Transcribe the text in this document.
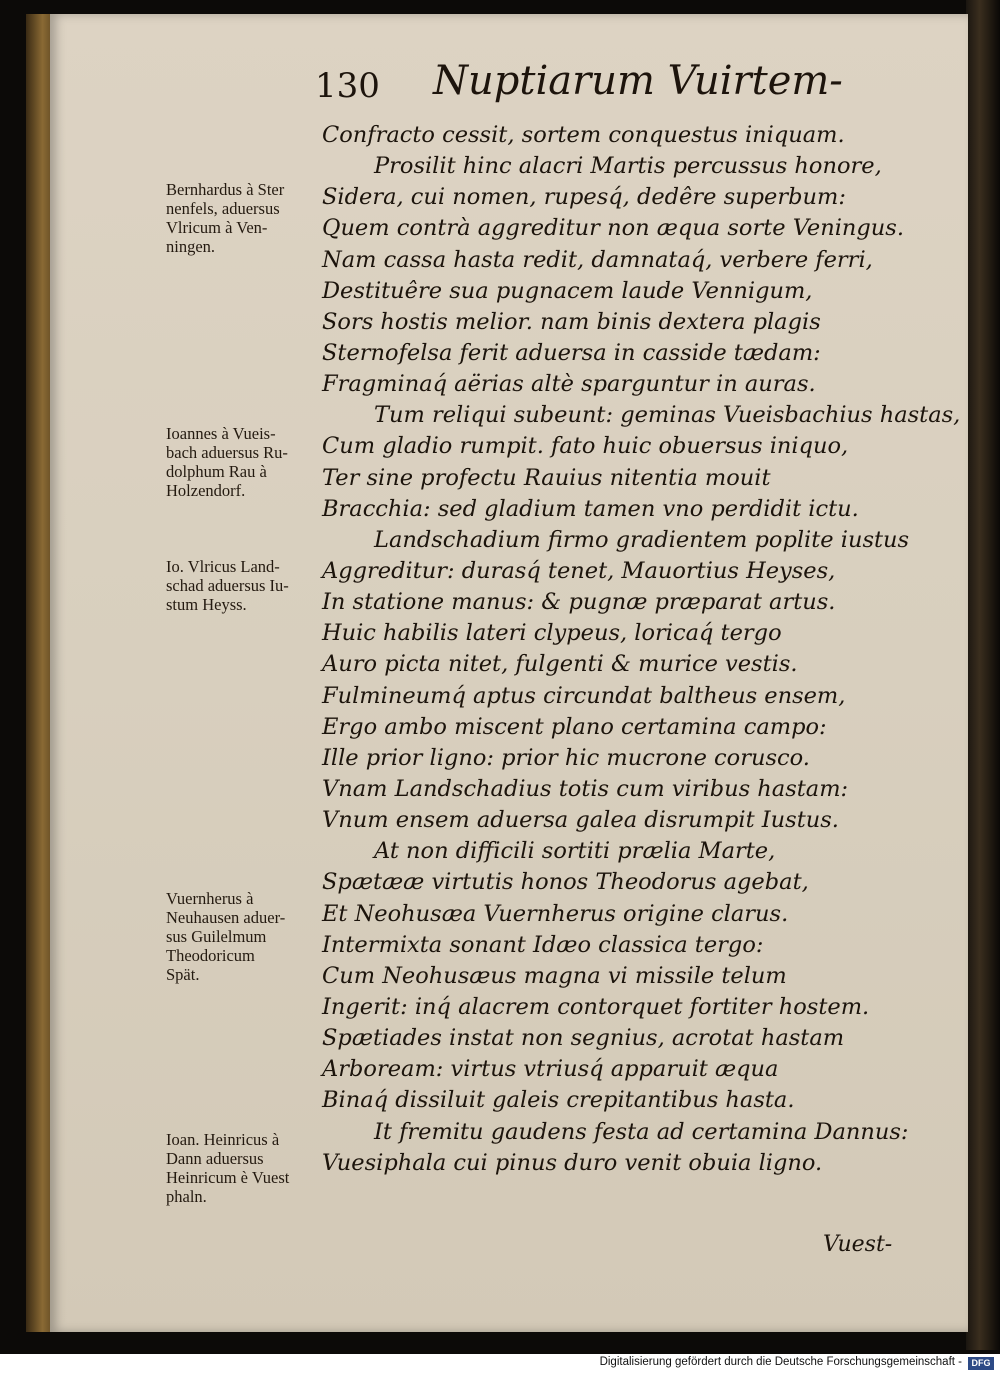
130 Nuptiarum Vuirtem-
Confracto cessit, sortem conquestus iniquam.
Prosilit hinc alacri Martis percussus honore,
Sidera, cui nomen, rupesq́, dedêre superbum:
Quem contrà aggreditur non æqua sorte Veningus.
Nam cassa hasta redit, damnataq́, verbere ferri,
Destituêre sua pugnacem laude Vennigum,
Sors hostis melior. nam binis dextera plagis
Sternofelsa ferit aduersa in casside tædam:
Fragminaq́ aërias altè sparguntur in auras.
Tum reliqui subeunt: geminas Vueisbachius hastas,
Cum gladio rumpit. fato huic obuersus iniquo,
Ter sine profectu Rauius nitentia mouit
Bracchia: sed gladium tamen vno perdidit ictu.
Landschadium firmo gradientem poplite iustus
Aggreditur: durasq́ tenet, Mauortius Heyses,
In statione manus: & pugnæ præparat artus.
Huic habilis lateri clypeus, loricaq́ tergo
Auro picta nitet, fulgenti & murice vestis.
Fulmineumq́ aptus circundat baltheus ensem,
Ergo ambo miscent plano certamina campo:
Ille prior ligno: prior hic mucrone corusco.
Vnam Landschadius totis cum viribus hastam:
Vnum ensem aduersa galea disrumpit Iustus.
At non difficili sortiti prælia Marte,
Spætææ virtutis honos Theodorus agebat,
Et Neohusæa Vuernherus origine clarus.
Intermixta sonant Idæo classica tergo:
Cum Neohusæus magna vi missile telum
Ingerit: inq́ alacrem contorquet fortiter hostem.
Spætiades instat non segnius, acrotat hastam
Arboream: virtus vtriusq́ apparuit æqua
Binaq́ dissiluit galeis crepitantibus hasta.
It fremitu gaudens festa ad certamina Dannus:
Vuesiphala cui pinus duro venit obuia ligno.
Bernhardus à Ster
nenfels, aduersus
Vlricum à Ven-
ningen.
Ioannes à Vueis-
bach aduersus Ru-
dolphum Rau à
Holzendorf.
Io. Vlricus Land-
schad aduersus Iu-
stum Heyss.
Vuernherus à
Neuhausen aduer-
sus Guilelmum
Theodoricum
Spät.
Ioan. Heinricus à
Dann aduersus
Heinricum è Vuest
phaln.
Vuest-
Digitalisierung gefördert durch die Deutsche Forschungsgemeinschaft -	DFG
